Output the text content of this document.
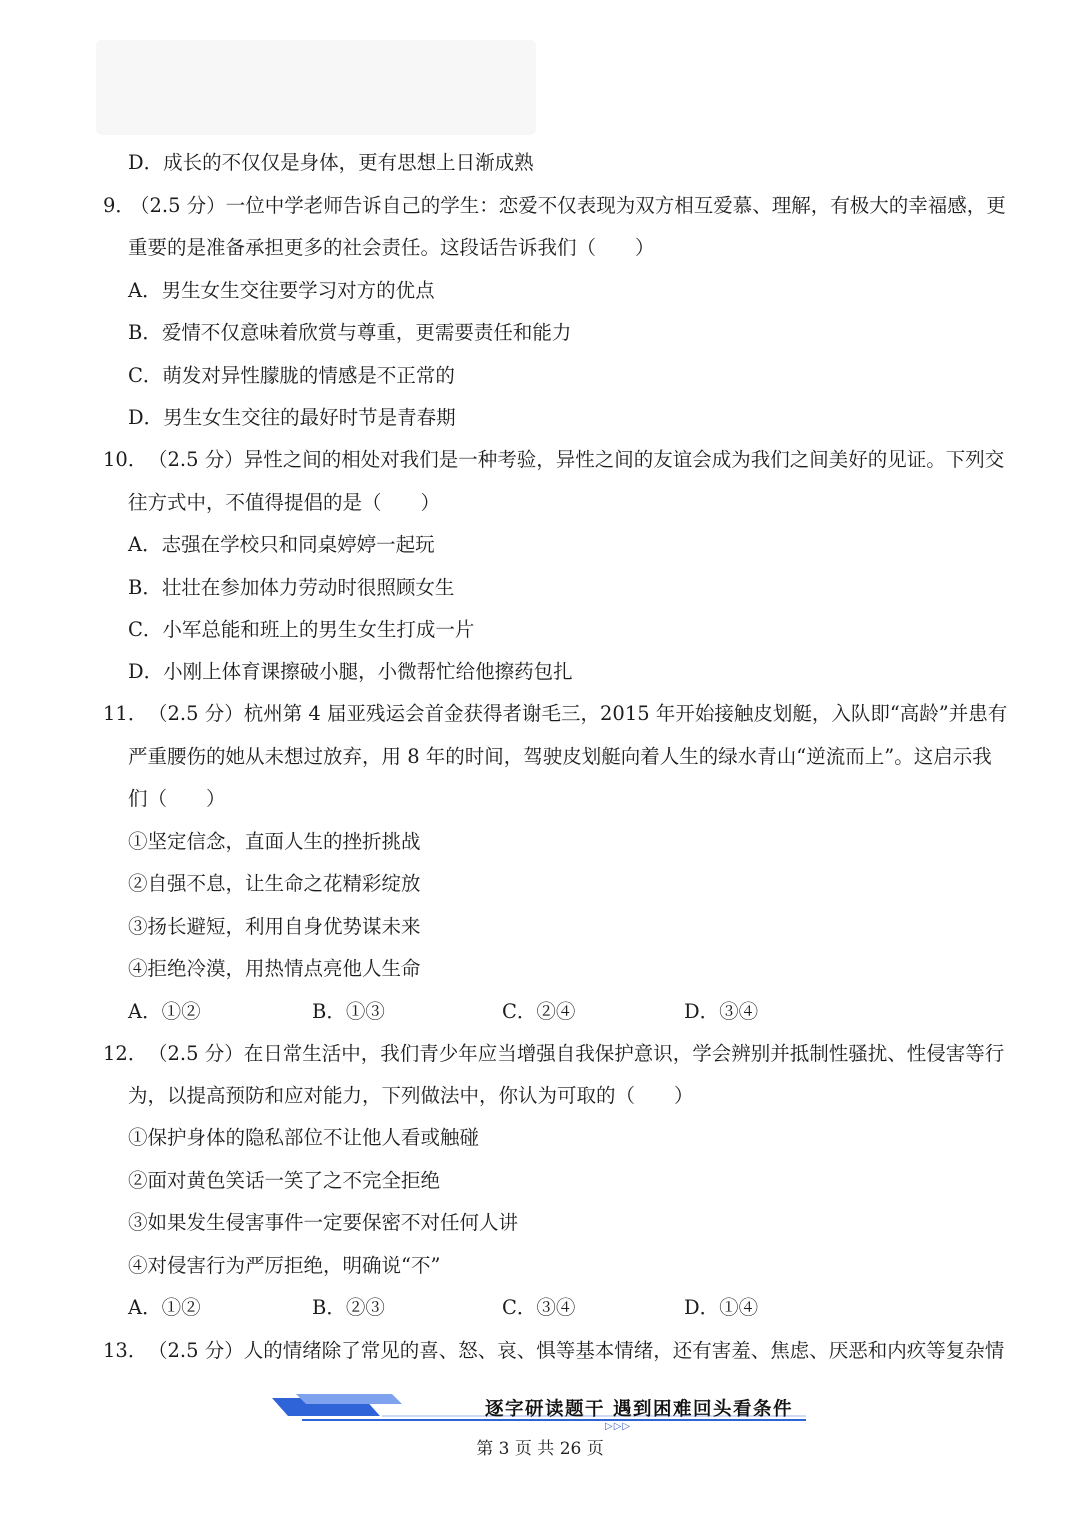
D．成长的不仅仅是身体，更有思想上日渐成熟
9．
（2.5 分）一位中学老师告诉自己的学生：恋爱不仅表现为双方相互爱慕、理解，有极大的幸福感，更
重要的是准备承担更多的社会责任。这段话告诉我们（　　）
A．男生女生交往要学习对方的优点
B．爱情不仅意味着欣赏与尊重，更需要责任和能力
C．萌发对异性朦胧的情感是不正常的
D．男生女生交往的最好时节是青春期
10． （2.5 分）异性之间的相处对我们是一种考验，异性之间的友谊会成为我们之间美好的见证。下列交
往方式中，不值得提倡的是（　　）
A．志强在学校只和同桌婷婷一起玩
B．壮壮在参加体力劳动时很照顾女生
C．小军总能和班上的男生女生打成一片
D．小刚上体育课擦破小腿，小微帮忙给他擦药包扎
11． （2.5 分）杭州第 4 届亚残运会首金获得者谢毛三，2015 年开始接触皮划艇，入队即“高龄”并患有
严重腰伤的她从未想过放弃，用 8 年的时间，驾驶皮划艇向着人生的绿水青山“逆流而上”。这启示我
们（　　）
①坚定信念，直面人生的挫折挑战
②自强不息，让生命之花精彩绽放
③扬长避短，利用自身优势谋未来
④拒绝冷漠，用热情点亮他人生命
A．①②	B．①③	C．②④	D．③④
12． （2.5 分）在日常生活中，我们青少年应当增强自我保护意识，学会辨别并抵制性骚扰、性侵害等行
为，以提高预防和应对能力，下列做法中，你认为可取的（　　）
①保护身体的隐私部位不让他人看或触碰
②面对黄色笑话一笑了之不完全拒绝
③如果发生侵害事件一定要保密不对任何人讲
④对侵害行为严厉拒绝，明确说“不”
A．①②	B．②③	C．③④	D．①④
13． （2.5 分）人的情绪除了常见的喜、怒、哀、惧等基本情绪，还有害羞、焦虑、厌恶和内疚等复杂情
逐字研读题干 遇到困难回头看条件
▷▷▷
第 3 页 共 26 页
